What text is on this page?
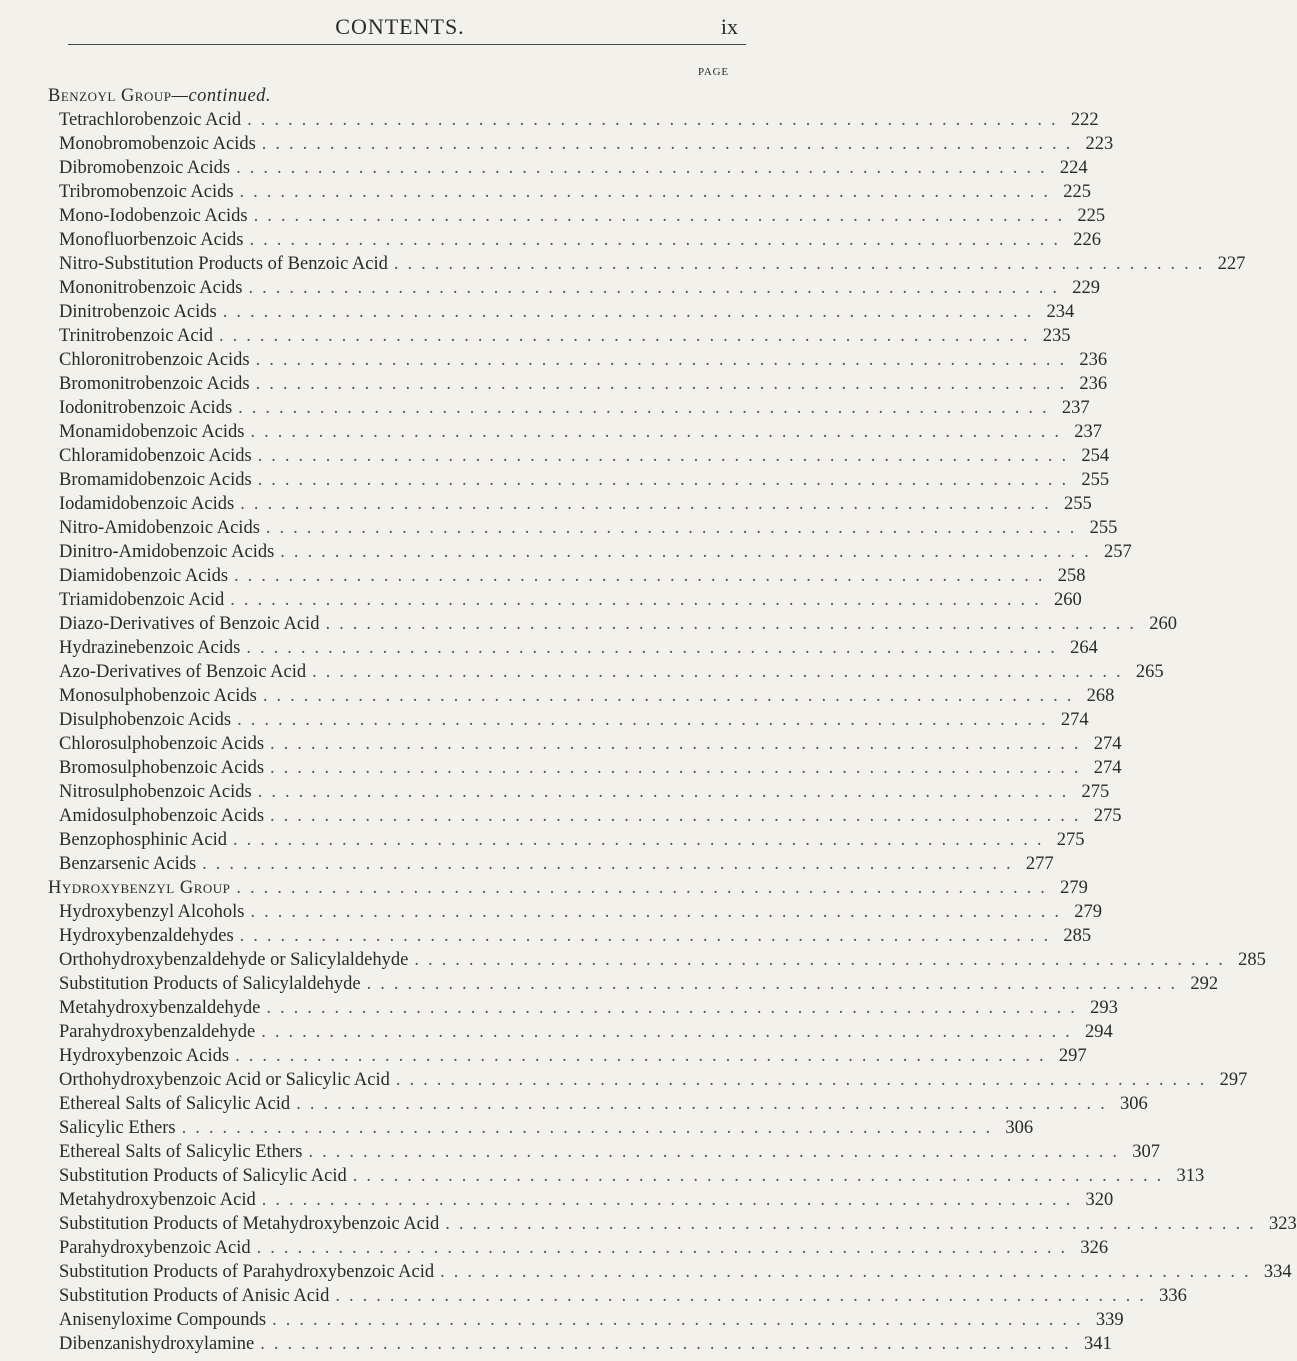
CONTENTS.	ix
PAGE
Benzoyl Group—continued.
Tetrachlorobenzoic Acid ............................................................ 222
Monobromobenzoic Acids ............................................................ 223
Dibromobenzoic Acids ............................................................ 224
Tribromobenzoic Acids ............................................................ 225
Mono-Iodobenzoic Acids ............................................................ 225
Monofluorbenzoic Acids ............................................................ 226
Nitro-Substitution Products of Benzoic Acid ............................................................ 227
Mononitrobenzoic Acids ............................................................ 229
Dinitrobenzoic Acids ............................................................ 234
Trinitrobenzoic Acid ............................................................ 235
Chloronitrobenzoic Acids ............................................................ 236
Bromonitrobenzoic Acids ............................................................ 236
Iodonitrobenzoic Acids ............................................................ 237
Monamidobenzoic Acids ............................................................ 237
Chloramidobenzoic Acids ............................................................ 254
Bromamidobenzoic Acids ............................................................ 255
Iodamidobenzoic Acids ............................................................ 255
Nitro-Amidobenzoic Acids ............................................................ 255
Dinitro-Amidobenzoic Acids ............................................................ 257
Diamidobenzoic Acids ............................................................ 258
Triamidobenzoic Acid ............................................................ 260
Diazo-Derivatives of Benzoic Acid ............................................................ 260
Hydrazinebenzoic Acids ............................................................ 264
Azo-Derivatives of Benzoic Acid ............................................................ 265
Monosulphobenzoic Acids ............................................................ 268
Disulphobenzoic Acids ............................................................ 274
Chlorosulphobenzoic Acids ............................................................ 274
Bromosulphobenzoic Acids ............................................................ 274
Nitrosulphobenzoic Acids ............................................................ 275
Amidosulphobenzoic Acids ............................................................ 275
Benzophosphinic Acid ............................................................ 275
Benzarsenic Acids ............................................................ 277
Hydroxybenzyl Group ............................................................ 279
Hydroxybenzyl Alcohols ............................................................ 279
Hydroxybenzaldehydes ............................................................ 285
Orthohydroxybenzaldehyde or Salicylaldehyde ............................................................ 285
Substitution Products of Salicylaldehyde ............................................................ 292
Metahydroxybenzaldehyde ............................................................ 293
Parahydroxybenzaldehyde ............................................................ 294
Hydroxybenzoic Acids ............................................................ 297
Orthohydroxybenzoic Acid or Salicylic Acid ............................................................ 297
Ethereal Salts of Salicylic Acid ............................................................ 306
Salicylic Ethers ............................................................ 306
Ethereal Salts of Salicylic Ethers ............................................................ 307
Substitution Products of Salicylic Acid ............................................................ 313
Metahydroxybenzoic Acid ............................................................ 320
Substitution Products of Metahydroxybenzoic Acid ............................................................ 323
Parahydroxybenzoic Acid ............................................................ 326
Substitution Products of Parahydroxybenzoic Acid ............................................................ 334
Substitution Products of Anisic Acid ............................................................ 336
Anisenyloxime Compounds ............................................................ 339
Dibenzanishydroxylamine ............................................................ 341
